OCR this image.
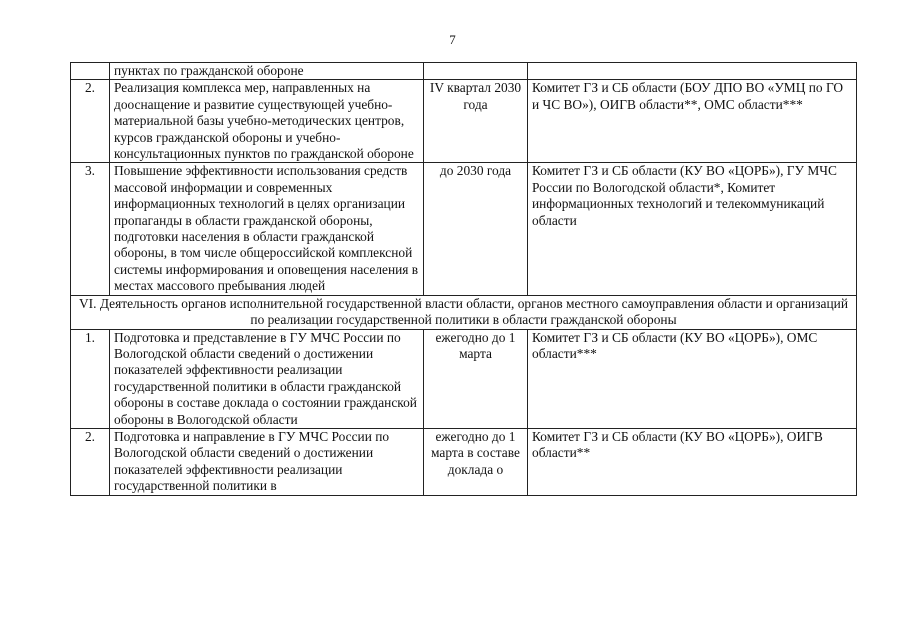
7
	пунктах по гражданской обороне		
2.	Реализация комплекса мер, направленных на дооснащение и развитие существующей учебно-материальной базы учебно-методических центров, курсов гражданской обороны и учебно-консультационных пунктов по гражданской обороне	IV квартал 2030 года	Комитет ГЗ и СБ области (БОУ ДПО ВО «УМЦ по ГО и ЧС ВО»), ОИГВ области**, ОМС области***
3.	Повышение эффективности использования средств массовой информации и современных информационных технологий в целях организации пропаганды в области гражданской обороны, подготовки населения в области гражданской обороны, в том числе общероссийской комплексной системы информирования и оповещения населения в местах массового пребывания людей	до 2030 года	Комитет ГЗ и СБ области (КУ ВО «ЦОРБ»), ГУ МЧС России по Вологодской области*, Комитет информационных технологий и телекоммуникаций области
VI. Деятельность органов исполнительной государственной власти области, органов местного самоуправления области и организаций по реализации государственной политики в области гражданской обороны			
1.	Подготовка и представление в ГУ МЧС России по Вологодской области сведений о достижении показателей эффективности реализации государственной политики в области гражданской обороны в составе доклада о состоянии гражданской обороны в Вологодской области	ежегодно до 1 марта	Комитет ГЗ и СБ области (КУ ВО «ЦОРБ»), ОМС области***
2.	Подготовка и направление в ГУ МЧС России по Вологодской области сведений о достижении показателей эффективности реализации государственной политики в	ежегодно до 1 марта в составе доклада о	Комитет ГЗ и СБ области (КУ ВО «ЦОРБ»), ОИГВ области**
